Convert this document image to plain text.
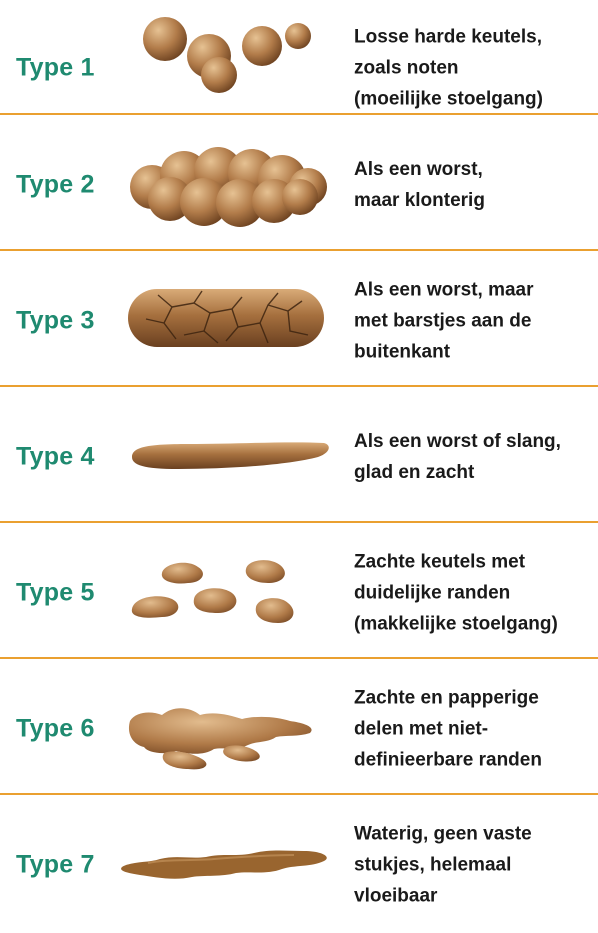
Type 1

Losse harde keutels,
zoals noten
(moeilijke stoelgang)

Type 2

Als een worst,
maar klonterig

Type 3

Als een worst, maar
met barstjes aan de
buitenkant

Type 4

Als een worst of slang,
glad en zacht

Type 5

Zachte keutels met
duidelijke randen
(makkelijke stoelgang)

Type 6

Zachte en papperige
delen met niet-
definieerbare randen

Type 7

Waterig, geen vaste
stukjes, helemaal
vloeibaar
